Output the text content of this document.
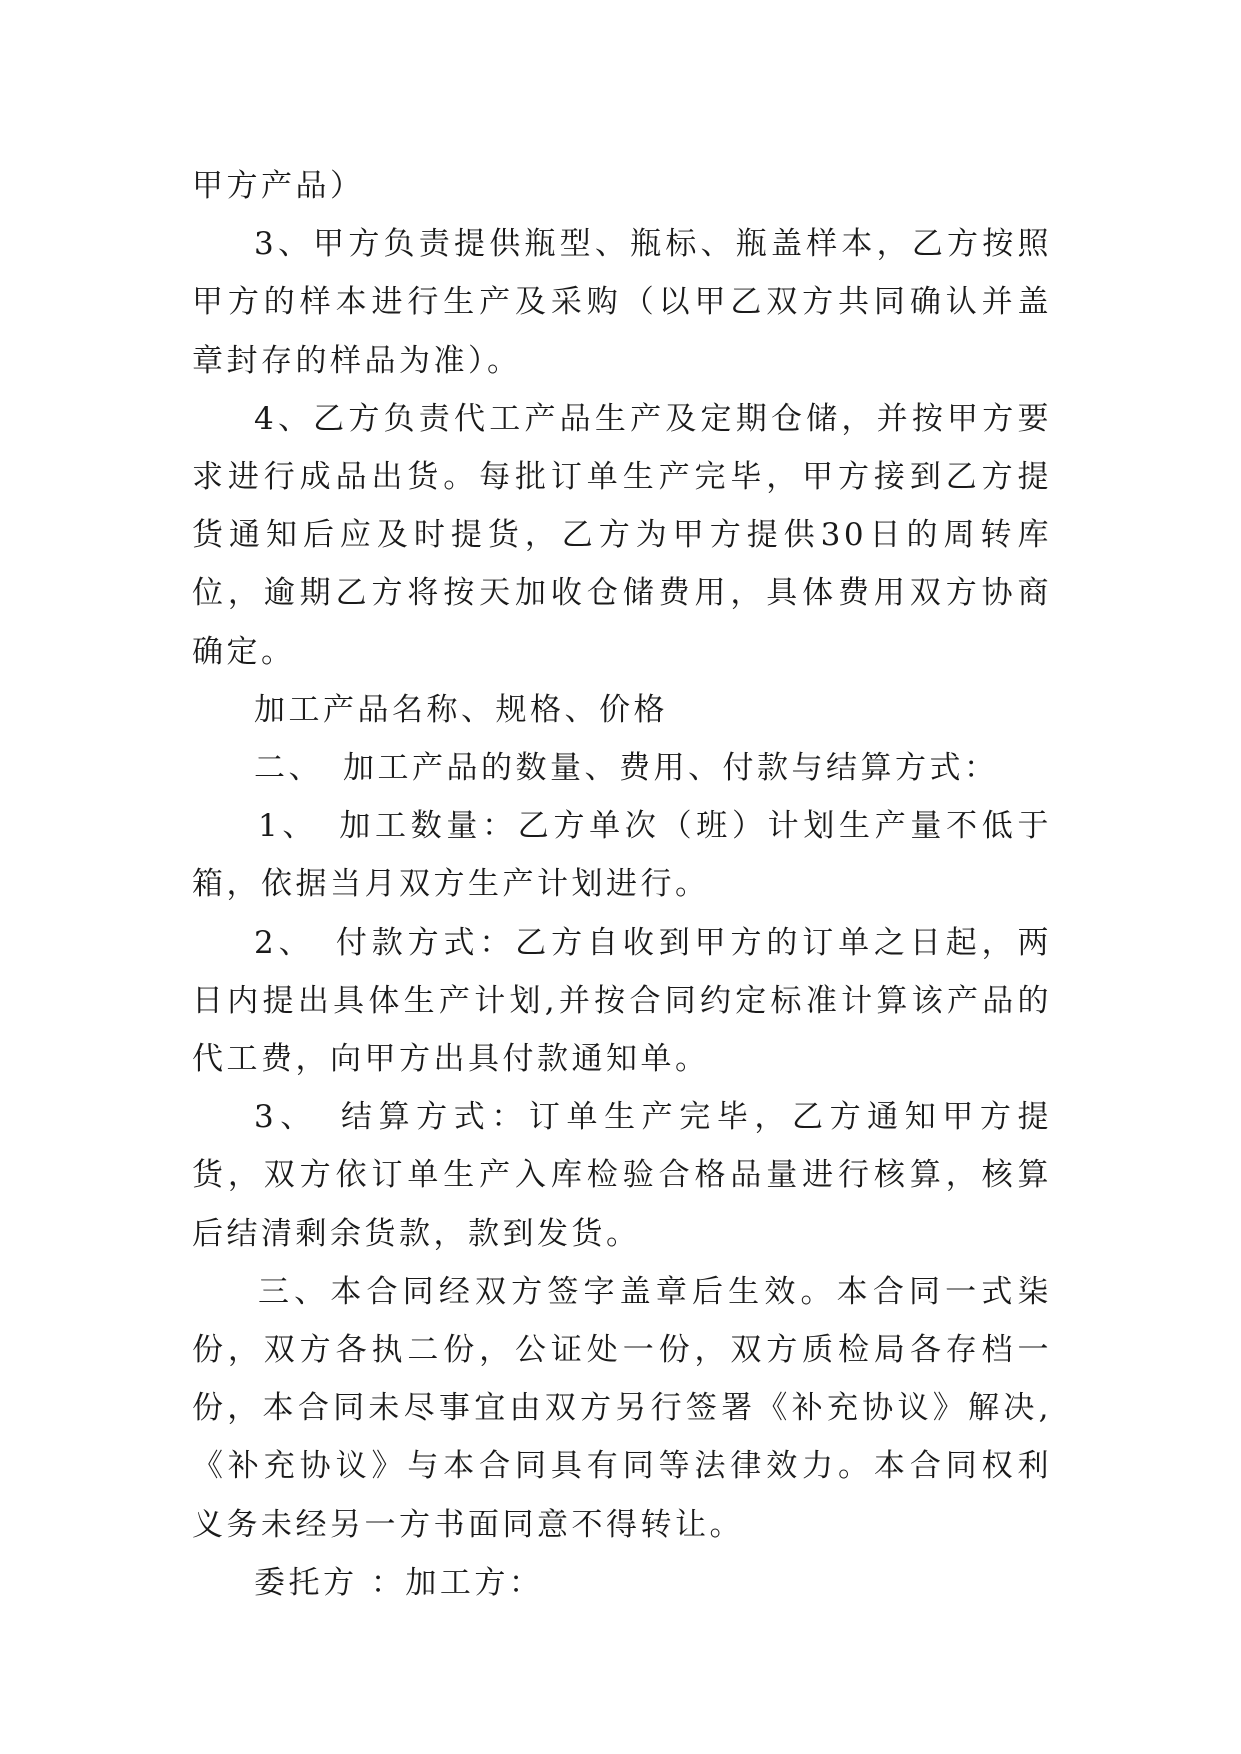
甲方产品）

3、甲方负责提供瓶型、瓶标、瓶盖样本，乙方按照甲方的样本进行生产及采购（以甲乙双方共同确认并盖章封存的样品为准）。

4、乙方负责代工产品生产及定期仓储，并按甲方要求进行成品出货。每批订单生产完毕，甲方接到乙方提货通知后应及时提货，乙方为甲方提供30日的周转库位，逾期乙方将按天加收仓储费用，具体费用双方协商确定。

加工产品名称、规格、价格

二、 加工产品的数量、费用、付款与结算方式：

1、 加工数量：乙方单次（班）计划生产量不低于箱，依据当月双方生产计划进行。

2、 付款方式：乙方自收到甲方的订单之日起，两日内提出具体生产计划,并按合同约定标准计算该产品的代工费，向甲方出具付款通知单。

3、 结算方式：订单生产完毕，乙方通知甲方提货，双方依订单生产入库检验合格品量进行核算，核算后结清剩余货款，款到发货。

三、本合同经双方签字盖章后生效。本合同一式柒份，双方各执二份，公证处一份，双方质检局各存档一份，本合同未尽事宜由双方另行签署《补充协议》解决,《补充协议》与本合同具有同等法律效力。本合同权利义务未经另一方书面同意不得转让。

委托方 ：加工方：
